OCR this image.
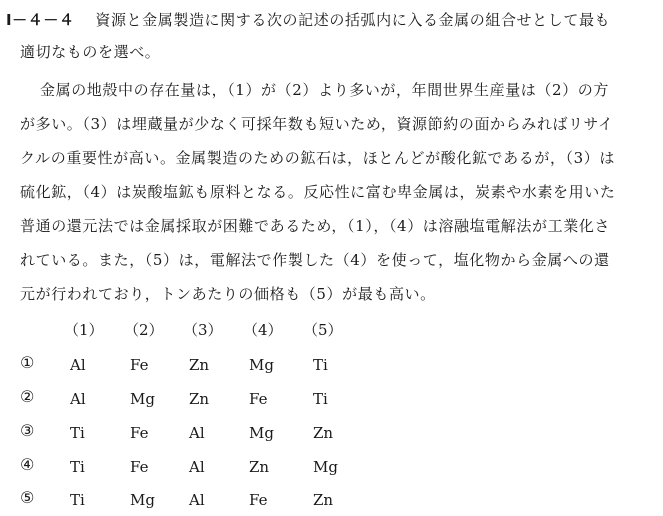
Ⅰ－４－４ 資源と金属製造に関する次の記述の括弧内に入る金属の組合せとして最も
適切なものを選べ。
金属の地殻中の存在量は，（1）が（2）より多いが，年間世界生産量は（2）の方
が多い。（3）は埋蔵量が少なく可採年数も短いため，資源節約の面からみればリサイ
クルの重要性が高い。金属製造のための鉱石は，ほとんどが酸化鉱であるが，（3）は
硫化鉱，（4）は炭酸塩鉱も原料となる。反応性に富む卑金属は，炭素や水素を用いた
普通の還元法では金属採取が困難であるため，（1），（4）は溶融塩電解法が工業化さ
れている。また，（5）は，電解法で作製した（4）を使って，塩化物から金属への還
元が行われており，トンあたりの価格も（5）が最も高い。
（1） （2） （3） （4） （5）
① Al	Fe	Zn	Mg	Ti
② Al	Mg Zn	Fe	Ti
③ Ti	Fe	Al	Mg	Zn
④ Ti	Fe	Al	Zn	Mg
⑤ Ti	Mg Al	Fe	Zn
